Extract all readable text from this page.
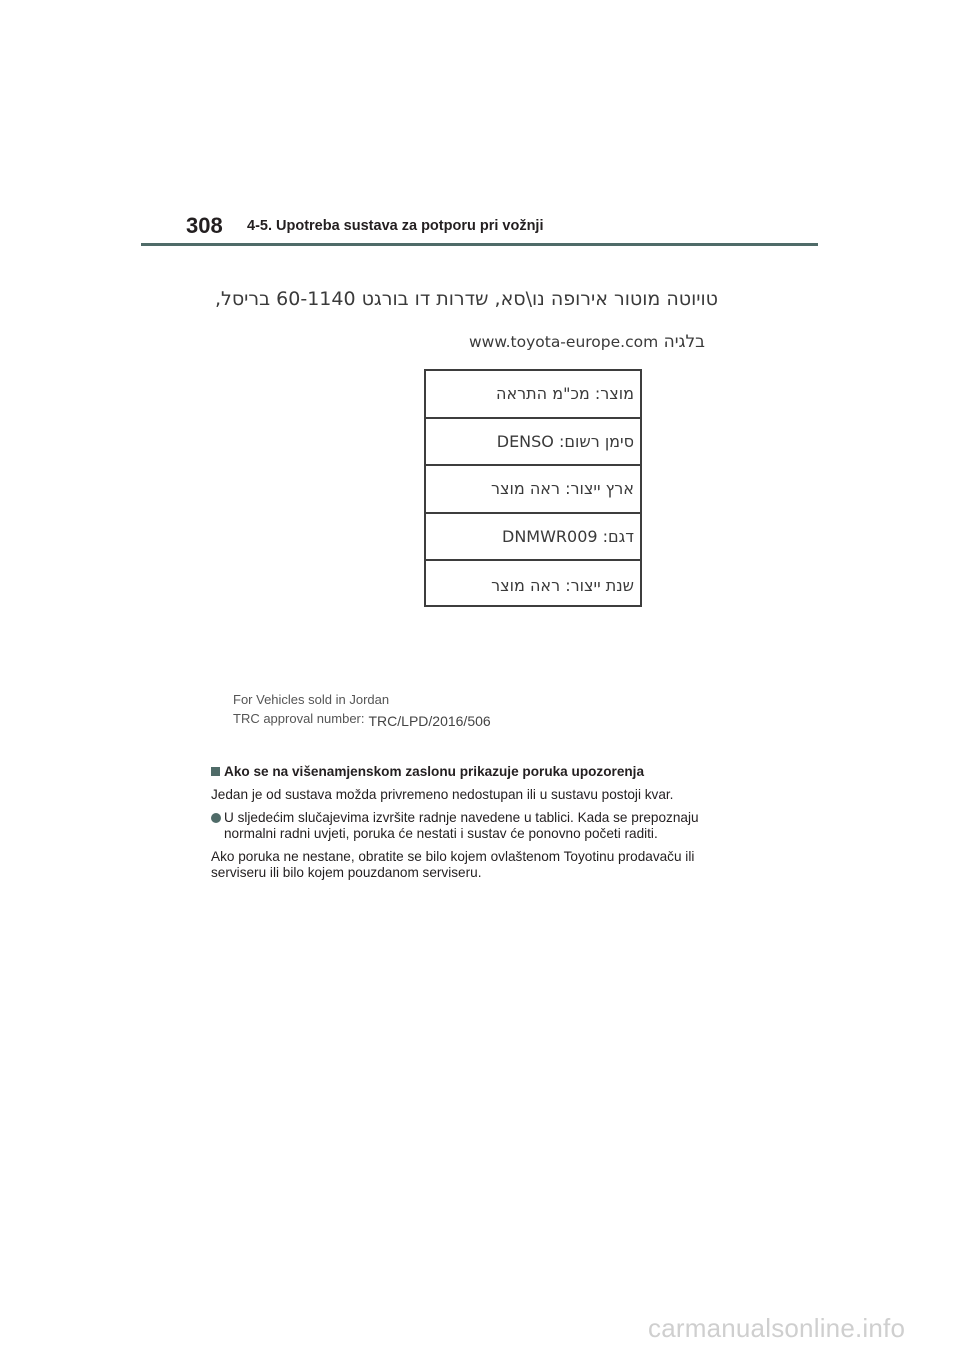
308 4-5. Upotreba sustava za potporu pri vožnji
טויוטה מוטור אירופה נו\סא, שדרות דו בורגט 60-1140 בריסל,
בלגיה www.toyota-europe.com
מוצר: מכ"מ התראה
סימן רשום: DENSO
ארץ ייצור: ראה מוצר
דגם: DNMWR009
שנת ייצור: ראה מוצר
For Vehicles sold in Jordan
TRC approval number: TRC/LPD/2016/506

Ako se na višenamjenskom zaslonu prikazuje poruka upozorenja

Jedan je od sustava možda privremeno nedostupan ili u sustavu postoji kvar.

U sljedećim slučajevima izvršite radnje navedene u tablici. Kada se prepoznaju normalni radni uvjeti, poruka će nestati i sustav će ponovno početi raditi.

Ako poruka ne nestane, obratite se bilo kojem ovlaštenom Toyotinu prodavaču ili serviseru ili bilo kojem pouzdanom serviseru.

carmanualsonline.info
